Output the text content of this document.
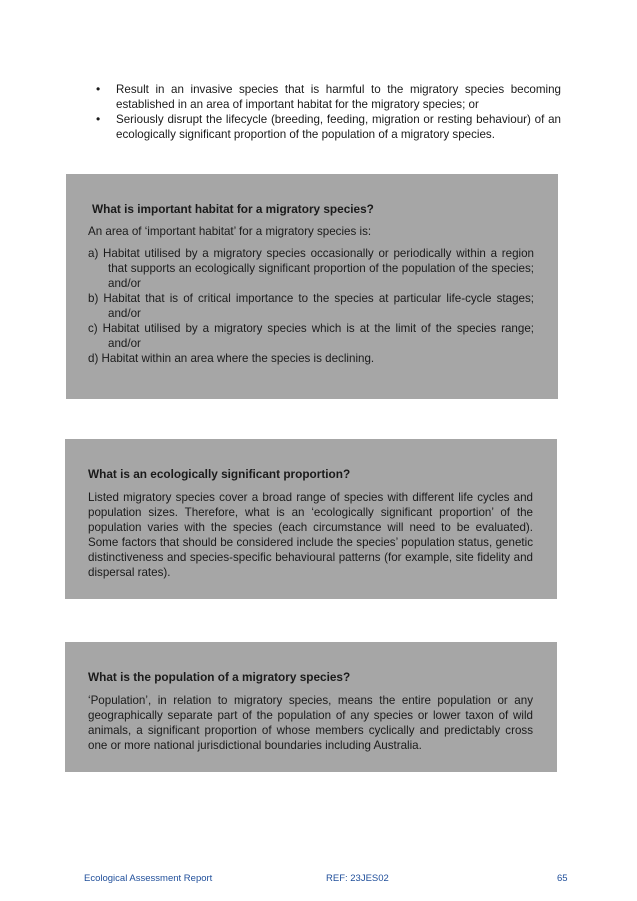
• Result in an invasive species that is harmful to the migratory species becoming established in an area of important habitat for the migratory species; or
• Seriously disrupt the lifecycle (breeding, feeding, migration or resting behaviour) of an ecologically significant proportion of the population of a migratory species.
What is important habitat for a migratory species?

An area of ‘important habitat’ for a migratory species is:

a) Habitat utilised by a migratory species occasionally or periodically within a region that supports an ecologically significant proportion of the population of the species; and/or
b) Habitat that is of critical importance to the species at particular life-cycle stages; and/or
c) Habitat utilised by a migratory species which is at the limit of the species range; and/or
d) Habitat within an area where the species is declining.
What is an ecologically significant proportion?

Listed migratory species cover a broad range of species with different life cycles and population sizes. Therefore, what is an ‘ecologically significant proportion’ of the population varies with the species (each circumstance will need to be evaluated). Some factors that should be considered include the species’ population status, genetic distinctiveness and species-specific behavioural patterns (for example, site fidelity and dispersal rates).

What is the population of a migratory species?

‘Population’, in relation to migratory species, means the entire population or any geographically separate part of the population of any species or lower taxon of wild animals, a significant proportion of whose members cyclically and predictably cross one or more national jurisdictional boundaries including Australia.

Ecological Assessment Report	REF: 23JES02	65
